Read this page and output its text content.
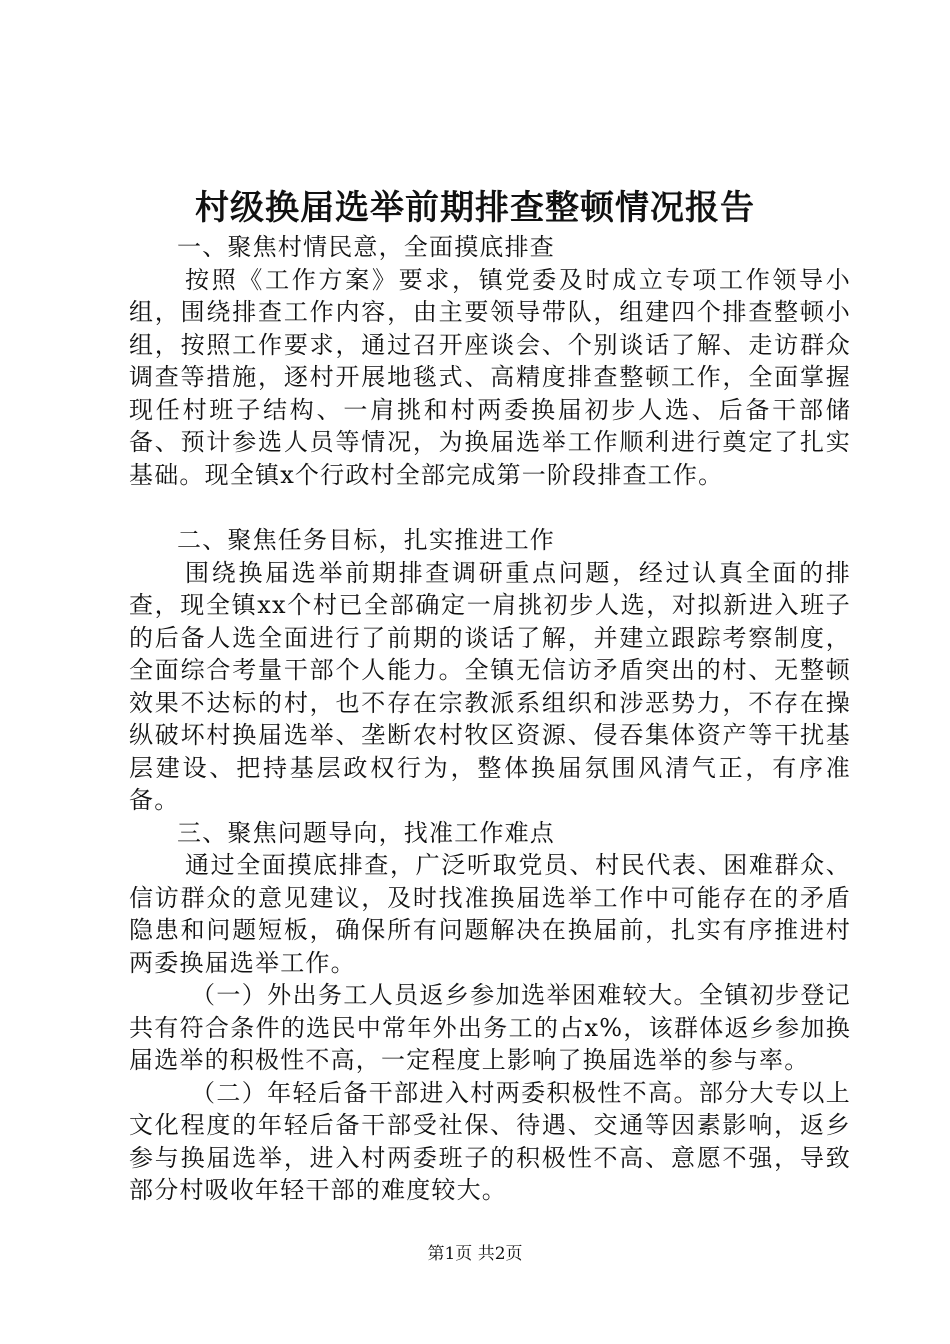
村级换届选举前期排查整顿情况报告

一、聚焦村情民意，全面摸底排查

按照《工作方案》要求，镇党委及时成立专项工作领导小组，围绕排查工作内容，由主要领导带队，组建四个排查整顿小组，按照工作要求，通过召开座谈会、个别谈话了解、走访群众调查等措施，逐村开展地毯式、高精度排查整顿工作，全面掌握现任村班子结构、一肩挑和村两委换届初步人选、后备干部储备、预计参选人员等情况，为换届选举工作顺利进行奠定了扎实基础。现全镇x个行政村全部完成第一阶段排查工作。

二、聚焦任务目标，扎实推进工作

围绕换届选举前期排查调研重点问题，经过认真全面的排查，现全镇xx个村已全部确定一肩挑初步人选，对拟新进入班子的后备人选全面进行了前期的谈话了解，并建立跟踪考察制度，全面综合考量干部个人能力。全镇无信访矛盾突出的村、无整顿效果不达标的村，也不存在宗教派系组织和涉恶势力，不存在操纵破坏村换届选举、垄断农村牧区资源、侵吞集体资产等干扰基层建设、把持基层政权行为，整体换届氛围风清气正，有序准备。

三、聚焦问题导向，找准工作难点

通过全面摸底排查，广泛听取党员、村民代表、困难群众、信访群众的意见建议，及时找准换届选举工作中可能存在的矛盾隐患和问题短板，确保所有问题解决在换届前，扎实有序推进村两委换届选举工作。

（一）外出务工人员返乡参加选举困难较大。全镇初步登记共有符合条件的选民中常年外出务工的占x%，该群体返乡参加换届选举的积极性不高，一定程度上影响了换届选举的参与率。

（二）年轻后备干部进入村两委积极性不高。部分大专以上文化程度的年轻后备干部受社保、待遇、交通等因素影响，返乡参与换届选举，进入村两委班子的积极性不高、意愿不强，导致部分村吸收年轻干部的难度较大。

第1页 共2页
